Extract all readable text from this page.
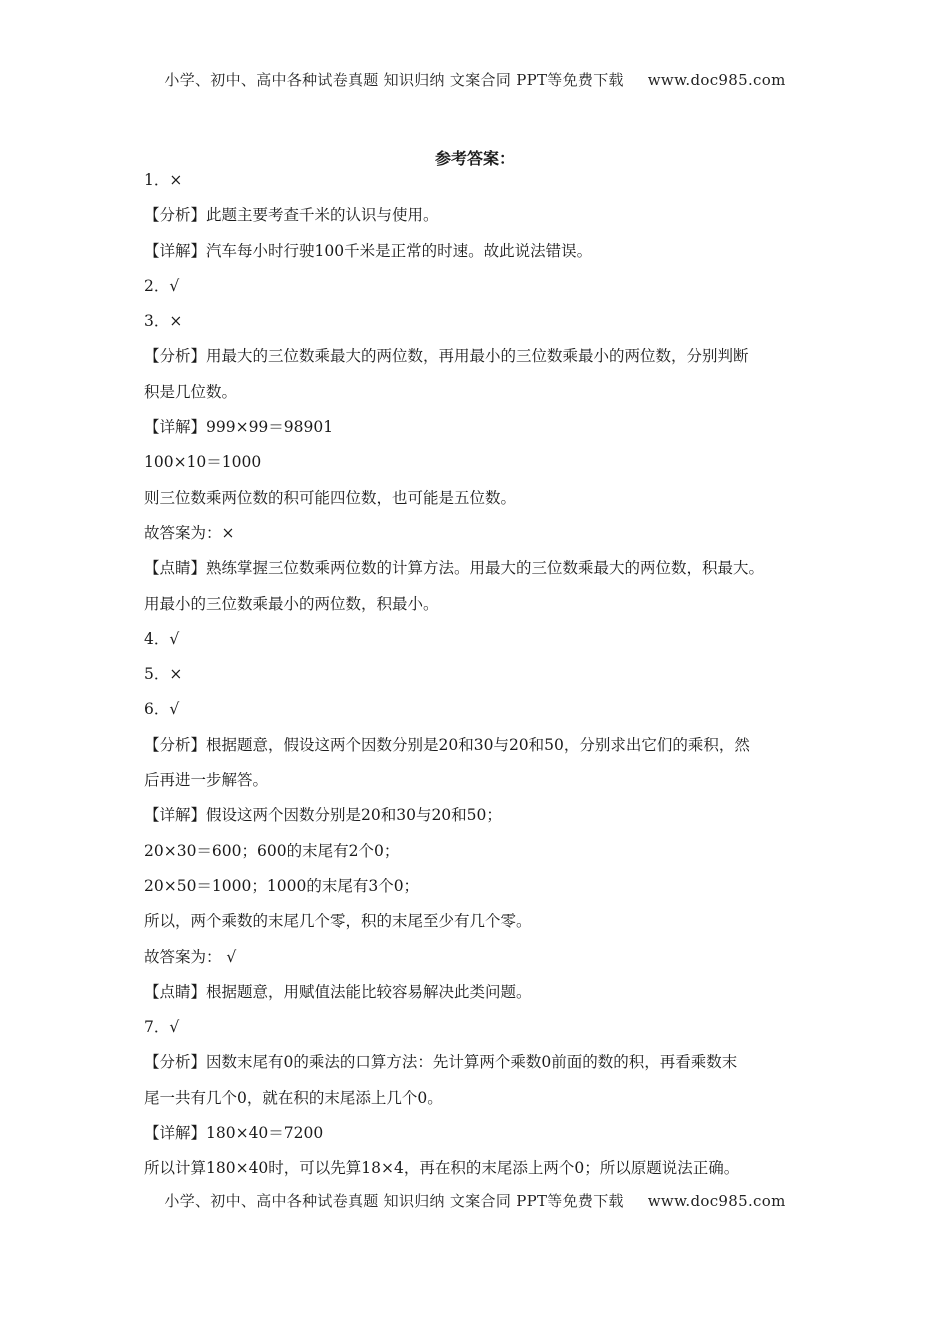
小学、初中、高中各种试卷真题 知识归纳 文案合同 PPT等免费下载 www.doc985.com
参考答案：
1．×
【分析】此题主要考查千米的认识与使用。
【详解】汽车每小时行驶100千米是正常的时速。故此说法错误。
2．√
3．×
【分析】用最大的三位数乘最大的两位数，再用最小的三位数乘最小的两位数，分别判断
积是几位数。
【详解】999×99＝98901
100×10＝1000
则三位数乘两位数的积可能四位数，也可能是五位数。
故答案为：×
【点睛】熟练掌握三位数乘两位数的计算方法。用最大的三位数乘最大的两位数，积最大。
用最小的三位数乘最小的两位数，积最小。
4．√
5．×
6．√
【分析】根据题意，假设这两个因数分别是20和30与20和50，分别求出它们的乘积，然
后再进一步解答。
【详解】假设这两个因数分别是20和30与20和50；
20×30＝600；600的末尾有2个0；
20×50＝1000；1000的末尾有3个0；
所以，两个乘数的末尾几个零，积的末尾至少有几个零。
故答案为： √
【点睛】根据题意，用赋值法能比较容易解决此类问题。
7．√
【分析】因数末尾有0的乘法的口算方法：先计算两个乘数0前面的数的积，再看乘数末
尾一共有几个0，就在积的末尾添上几个0。
【详解】180×40＝7200
所以计算180×40时，可以先算18×4，再在积的末尾添上两个0；所以原题说法正确。
小学、初中、高中各种试卷真题 知识归纳 文案合同 PPT等免费下载 www.doc985.com
